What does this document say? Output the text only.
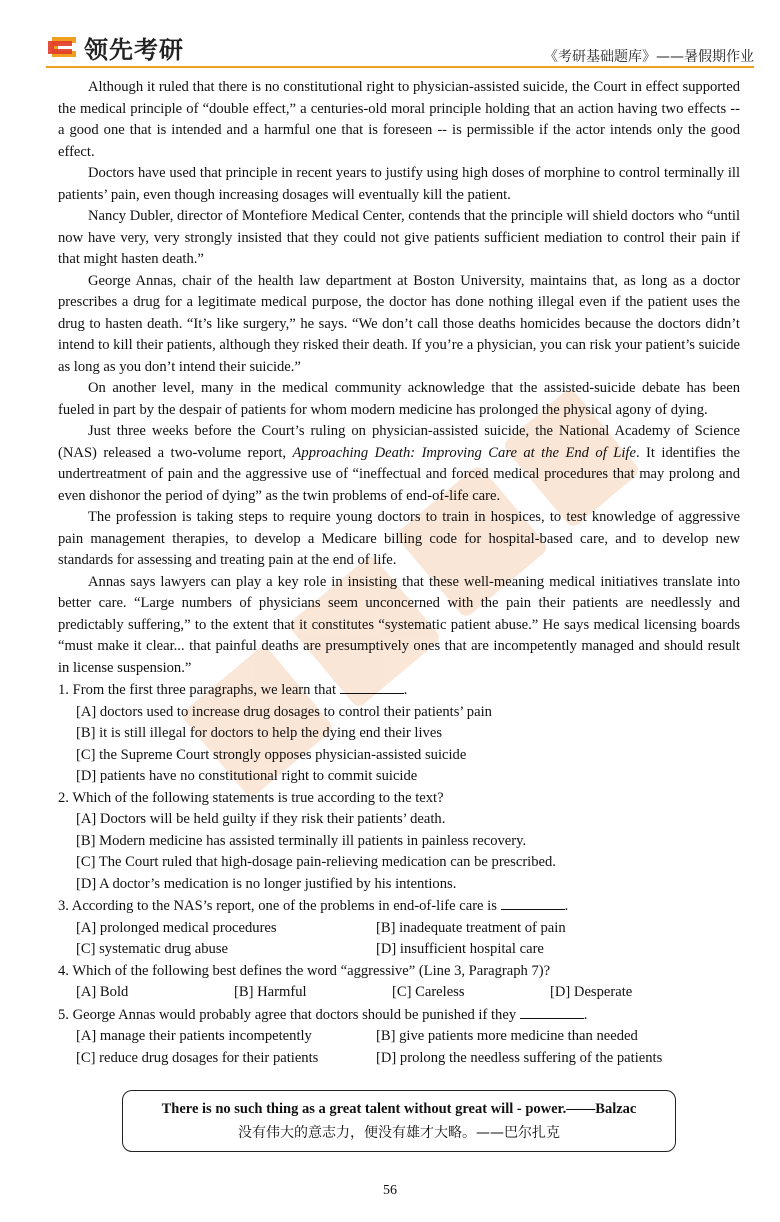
领先考研	《考研基础题库》——暑假期作业

Although it ruled that there is no constitutional right to physician-assisted suicide, the Court in effect supported the medical principle of “double effect,” a centuries-old moral principle holding that an action having two effects -- a good one that is intended and a harmful one that is foreseen -- is permissible if the actor intends only the good effect.

Doctors have used that principle in recent years to justify using high doses of morphine to control terminally ill patients’ pain, even though increasing dosages will eventually kill the patient.

Nancy Dubler, director of Montefiore Medical Center, contends that the principle will shield doctors who “until now have very, very strongly insisted that they could not give patients sufficient mediation to control their pain if that might hasten death.”

George Annas, chair of the health law department at Boston University, maintains that, as long as a doctor prescribes a drug for a legitimate medical purpose, the doctor has done nothing illegal even if the patient uses the drug to hasten death. “It’s like surgery,” he says. “We don’t call those deaths homicides because the doctors didn’t intend to kill their patients, although they risked their death. If you’re a physician, you can risk your patient’s suicide as long as you don’t intend their suicide.”

On another level, many in the medical community acknowledge that the assisted-suicide debate has been fueled in part by the despair of patients for whom modern medicine has prolonged the physical agony of dying.

Just three weeks before the Court’s ruling on physician-assisted suicide, the National Academy of Science (NAS) released a two-volume report, Approaching Death: Improving Care at the End of Life. It identifies the undertreatment of pain and the aggressive use of “ineffectual and forced medical procedures that may prolong and even dishonor the period of dying” as the twin problems of end-of-life care.

The profession is taking steps to require young doctors to train in hospices, to test knowledge of aggressive pain management therapies, to develop a Medicare billing code for hospital-based care, and to develop new standards for assessing and treating pain at the end of life.

Annas says lawyers can play a key role in insisting that these well-meaning medical initiatives translate into better care. “Large numbers of physicians seem unconcerned with the pain their patients are needlessly and predictably suffering,” to the extent that it constitutes “systematic patient abuse.” He says medical licensing boards “must make it clear... that painful deaths are presumptively ones that are incompetently managed and should result in license suspension.”

1. From the first three paragraphs, we learn that	.
[A] doctors used to increase drug dosages to control their patients’ pain
[B] it is still illegal for doctors to help the dying end their lives
[C] the Supreme Court strongly opposes physician-assisted suicide
[D] patients have no constitutional right to commit suicide
2. Which of the following statements is true according to the text?
[A] Doctors will be held guilty if they risk their patients’ death.
[B] Modern medicine has assisted terminally ill patients in painless recovery.
[C] The Court ruled that high-dosage pain-relieving medication can be prescribed.
[D] A doctor’s medication is no longer justified by his intentions.
3. According to the NAS’s report, one of the problems in end-of-life care is	.
[A] prolonged medical procedures	[B] inadequate treatment of pain
[C] systematic drug abuse	[D] insufficient hospital care
4. Which of the following best defines the word “aggressive” (Line 3, Paragraph 7)?
[A] Bold	[B] Harmful	[C] Careless	[D] Desperate
5. George Annas would probably agree that doctors should be punished if they	.
[A] manage their patients incompetently	[B] give patients more medicine than needed
[C] reduce drug dosages for their patients	[D] prolong the needless suffering of the patients
There is no such thing as a great talent without great will - power.——Balzac
没有伟大的意志力，便没有雄才大略。——巴尔扎克
56
